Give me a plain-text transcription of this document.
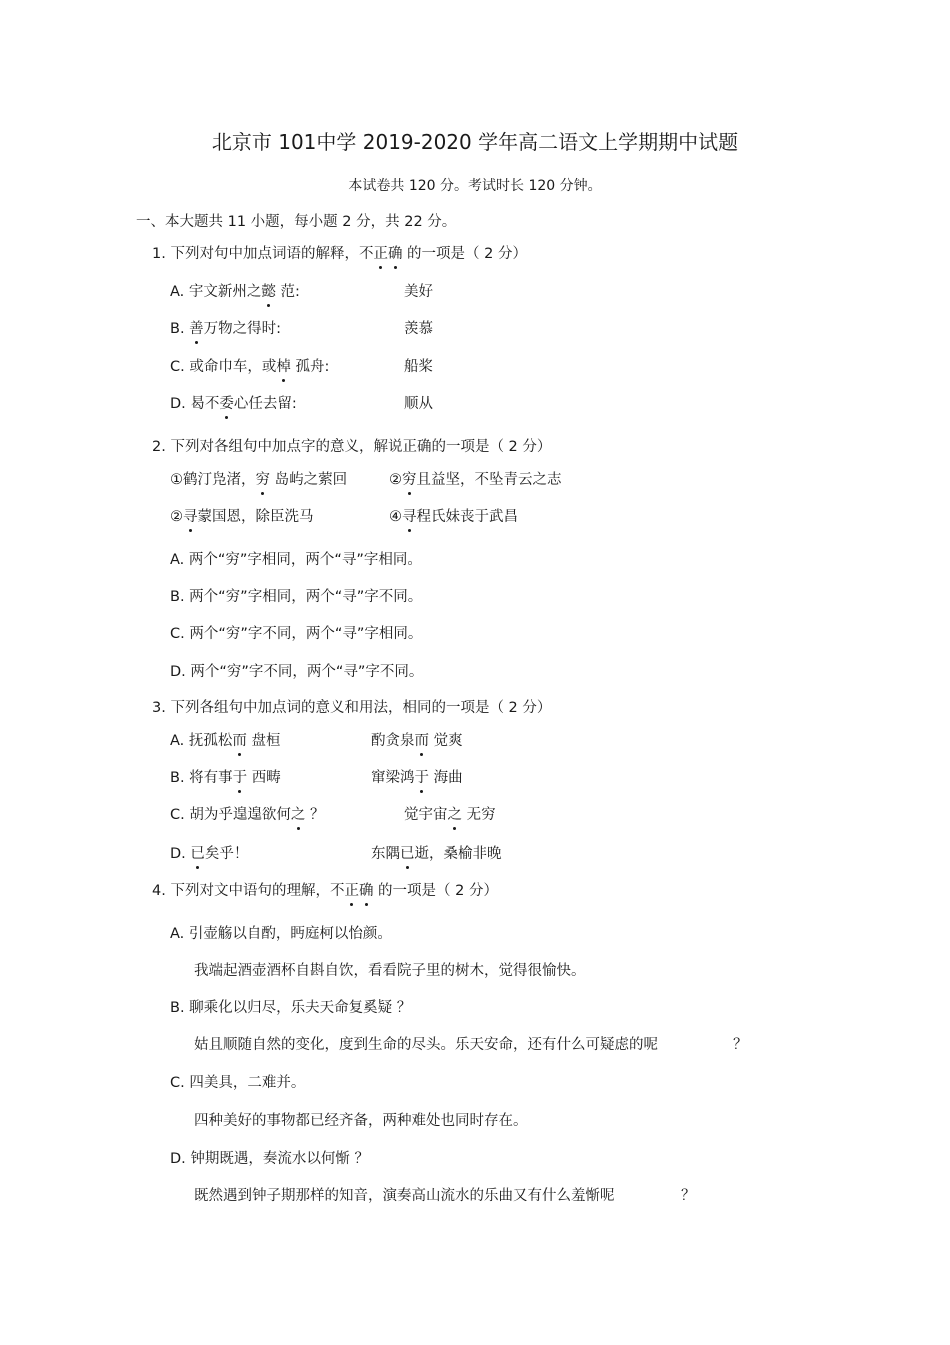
北京市 101中学 2019-2020 学年高二语文上学期期中试题
本试卷共 120 分。考试时长 120 分钟。
一、本大题共 11 小题，每小题 2 分，共 22 分。
1. 下列对句中加点词语的解释，不正确 的一项是（ 2 分）
A. 宇文新州之懿 范:	美好
B. 善万物之得时:	羡慕
C. 或命巾车，或棹 孤舟:	船桨
D. 曷不委心任去留:	顺从
2. 下列对各组句中加点字的意义，解说正确的一项是（ 2 分）
①鹤汀凫渚，穷 岛屿之萦回	②穷且益坚，不坠青云之志
②寻蒙国恩，除臣洗马	④寻程氏妹丧于武昌
A. 两个“穷”字相同，两个“寻”字相同。
B. 两个“穷”字相同，两个“寻”字不同。
C. 两个“穷”字不同，两个“寻”字相同。
D. 两个“穷”字不同，两个“寻”字不同。
3. 下列各组句中加点词的意义和用法，相同的一项是（ 2 分）
A. 抚孤松而 盘桓	酌贪泉而 觉爽
B. 将有事于 西畴	窜梁鸿于 海曲
C. 胡为乎遑遑欲何之 ？	觉宇宙之 无穷
D. 已矣乎！	东隅已逝，桑榆非晚
4. 下列对文中语句的理解，不正确 的一项是（ 2 分）
A. 引壶觞以自酌，眄庭柯以怡颜。
我端起酒壶酒杯自斟自饮，看看院子里的树木，觉得很愉快。
B. 聊乘化以归尽，乐夫天命复奚疑 ？
姑且顺随自然的变化，度到生命的尽头。乐天安命，还有什么可疑虑的呢	？
C. 四美具，二难并。
四种美好的事物都已经齐备，两种难处也同时存在。
D. 钟期既遇，奏流水以何惭 ？
既然遇到钟子期那样的知音，演奏高山流水的乐曲又有什么羞惭呢	？
